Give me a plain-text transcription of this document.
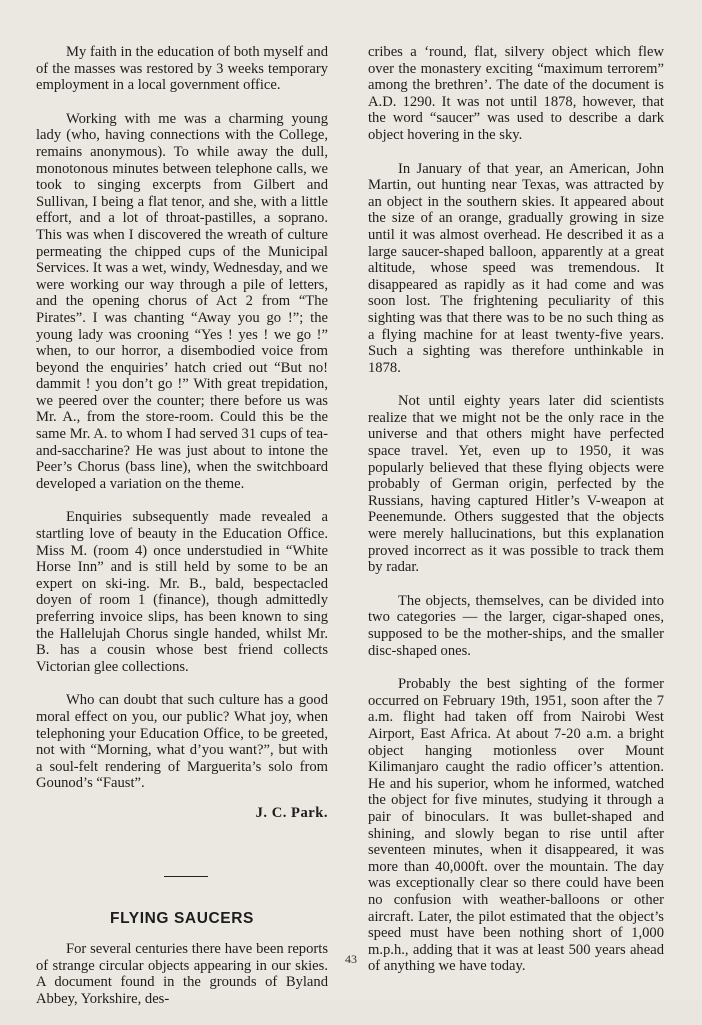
My faith in the education of both myself and of the masses was restored by 3 weeks temporary employment in a local government office.

Working with me was a charming young lady (who, having connections with the College, remains anonymous). To while away the dull, monotonous minutes between telephone calls, we took to singing excerpts from Gilbert and Sullivan, I being a flat tenor, and she, with a little effort, and a lot of throat-pastilles, a soprano. This was when I discovered the wreath of culture permeating the chipped cups of the Municipal Services. It was a wet, windy, Wednesday, and we were working our way through a pile of letters, and the opening chorus of Act 2 from “The Pirates”. I was chanting “Away you go !”; the young lady was crooning “Yes ! yes ! we go !” when, to our horror, a disembodied voice from beyond the enquiries’ hatch cried out “But no! dammit ! you don’t go !” With great trepidation, we peered over the counter; there before us was Mr. A., from the store-room. Could this be the same Mr. A. to whom I had served 31 cups of tea-and-saccharine? He was just about to intone the Peer’s Chorus (bass line), when the switchboard developed a variation on the theme.

Enquiries subsequently made revealed a startling love of beauty in the Education Office. Miss M. (room 4) once understudied in “White Horse Inn” and is still held by some to be an expert on ski-ing. Mr. B., bald, bespectacled doyen of room 1 (finance), though admittedly preferring invoice slips, has been known to sing the Hallelujah Chorus single handed, whilst Mr. B. has a cousin whose best friend collects Victorian glee collections.

Who can doubt that such culture has a good moral effect on you, our public? What joy, when telephoning your Education Office, to be greeted, not with “Morning, what d’you want?”, but with a soul-felt rendering of Marguerita’s solo from Gounod’s “Faust”.

J. C. Park.
FLYING SAUCERS

For several centuries there have been reports of strange circular objects appearing in our skies. A document found in the grounds of Byland Abbey, Yorkshire, des-

cribes a ‘round, flat, silvery object which flew over the monastery exciting “maximum terrorem” among the brethren’. The date of the document is A.D. 1290. It was not until 1878, however, that the word “saucer” was used to describe a dark object hovering in the sky.

In January of that year, an American, John Martin, out hunting near Texas, was attracted by an object in the southern skies. It appeared about the size of an orange, gradually growing in size until it was almost overhead. He described it as a large saucer-shaped balloon, apparently at a great altitude, whose speed was tremendous. It disappeared as rapidly as it had come and was soon lost. The frightening peculiarity of this sighting was that there was to be no such thing as a flying machine for at least twenty-five years. Such a sighting was therefore unthinkable in 1878.

Not until eighty years later did scientists realize that we might not be the only race in the universe and that others might have perfected space travel. Yet, even up to 1950, it was popularly believed that these flying objects were probably of German origin, perfected by the Russians, having captured Hitler’s V-weapon at Peenemunde. Others suggested that the objects were merely hallucinations, but this explanation proved incorrect as it was possible to track them by radar.

The objects, themselves, can be divided into two categories — the larger, cigar-shaped ones, supposed to be the mother-ships, and the smaller disc-shaped ones.

Probably the best sighting of the former occurred on February 19th, 1951, soon after the 7 a.m. flight had taken off from Nairobi West Airport, East Africa. At about 7-20 a.m. a bright object hanging motionless over Mount Kilimanjaro caught the radio officer’s attention. He and his superior, whom he informed, watched the object for five minutes, studying it through a pair of binoculars. It was bullet-shaped and shining, and slowly began to rise until after seventeen minutes, when it disappeared, it was more than 40,000ft. over the mountain. The day was exceptionally clear so there could have been no confusion with weather-balloons or other aircraft. Later, the pilot estimated that the object’s speed must have been nothing short of 1,000 m.p.h., adding that it was at least 500 years ahead of anything we have today.

43
